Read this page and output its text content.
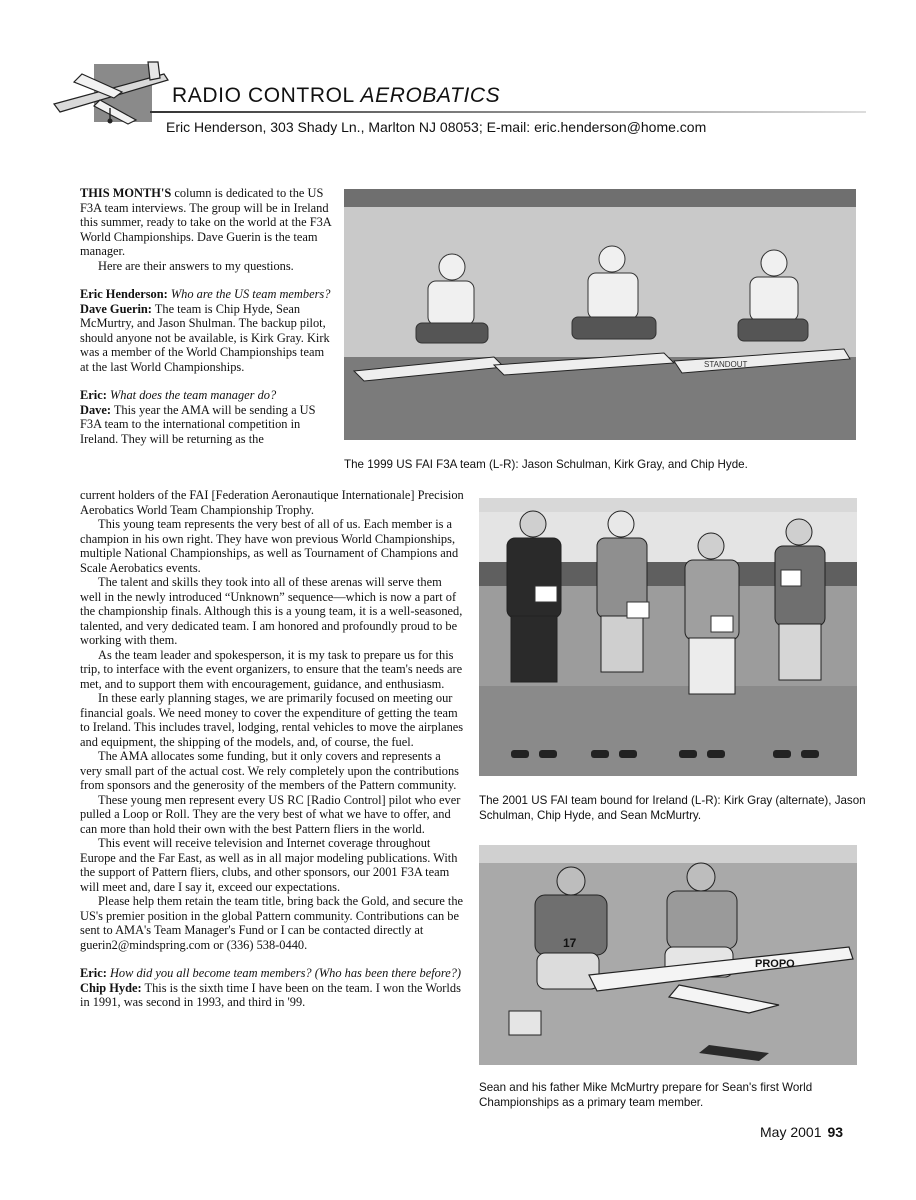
RADIO CONTROL AEROBATICS
Eric Henderson, 303 Shady Ln., Marlton NJ 08053; E-mail: eric.henderson@home.com

THIS MONTH'S column is dedicated to the US F3A team interviews. The group will be in Ireland this summer, ready to take on the world at the F3A World Championships. Dave Guerin is the team manager.

Here are their answers to my questions.

Eric Henderson: Who are the US team members?

Dave Guerin: The team is Chip Hyde, Sean McMurtry, and Jason Shulman. The backup pilot, should anyone not be available, is Kirk Gray. Kirk was a member of the World Championships team at the last World Championships.

Eric: What does the team manager do?

Dave: This year the AMA will be sending a US F3A team to the international competition in Ireland. They will be returning as the

current holders of the FAI [Federation Aeronautique Internationale] Precision Aerobatics World Team Championship Trophy.

This young team represents the very best of all of us. Each member is a champion in his own right. They have won previous World Championships, multiple National Championships, as well as Tournament of Champions and Scale Aerobatics events.

The talent and skills they took into all of these arenas will serve them well in the newly introduced “Unknown” sequence—which is now a part of the championship finals. Although this is a young team, it is a well-seasoned, talented, and very dedicated team. I am honored and profoundly proud to be working with them.

As the team leader and spokesperson, it is my task to prepare us for this trip, to interface with the event organizers, to ensure that the team's needs are met, and to support them with encouragement, guidance, and enthusiasm.

In these early planning stages, we are primarily focused on meeting our financial goals. We need money to cover the expenditure of getting the team to Ireland. This includes travel, lodging, rental vehicles to move the airplanes and equipment, the shipping of the models, and, of course, the fuel.

The AMA allocates some funding, but it only covers and represents a very small part of the actual cost. We rely completely upon the contributions from sponsors and the generosity of the members of the Pattern community.

These young men represent every US RC [Radio Control] pilot who ever pulled a Loop or Roll. They are the very best of what we have to offer, and can more than hold their own with the best Pattern fliers in the world.

This event will receive television and Internet coverage throughout Europe and the Far East, as well as in all major modeling publications. With the support of Pattern fliers, clubs, and other sponsors, our 2001 F3A team will meet and, dare I say it, exceed our expectations.

Please help them retain the team title, bring back the Gold, and secure the US's premier position in the global Pattern community. Contributions can be sent to AMA's Team Manager's Fund or I can be contacted directly at guerin2@mindspring.com or (336) 538-0440.

Eric: How did you all become team members? (Who has been there before?)

Chip Hyde: This is the sixth time I have been on the team. I won the Worlds in 1991, was second in 1993, and third in '99.

STANDOUT
The 1999 US FAI F3A team (L-R): Jason Schulman, Kirk Gray, and Chip Hyde.
The 2001 US FAI team bound for Ireland (L-R): Kirk Gray (alternate), Jason Schulman, Chip Hyde, and Sean McMurtry.
17
PROPO
Sean and his father Mike McMurtry prepare for Sean's first World Championships as a primary team member.
May 2001 93
